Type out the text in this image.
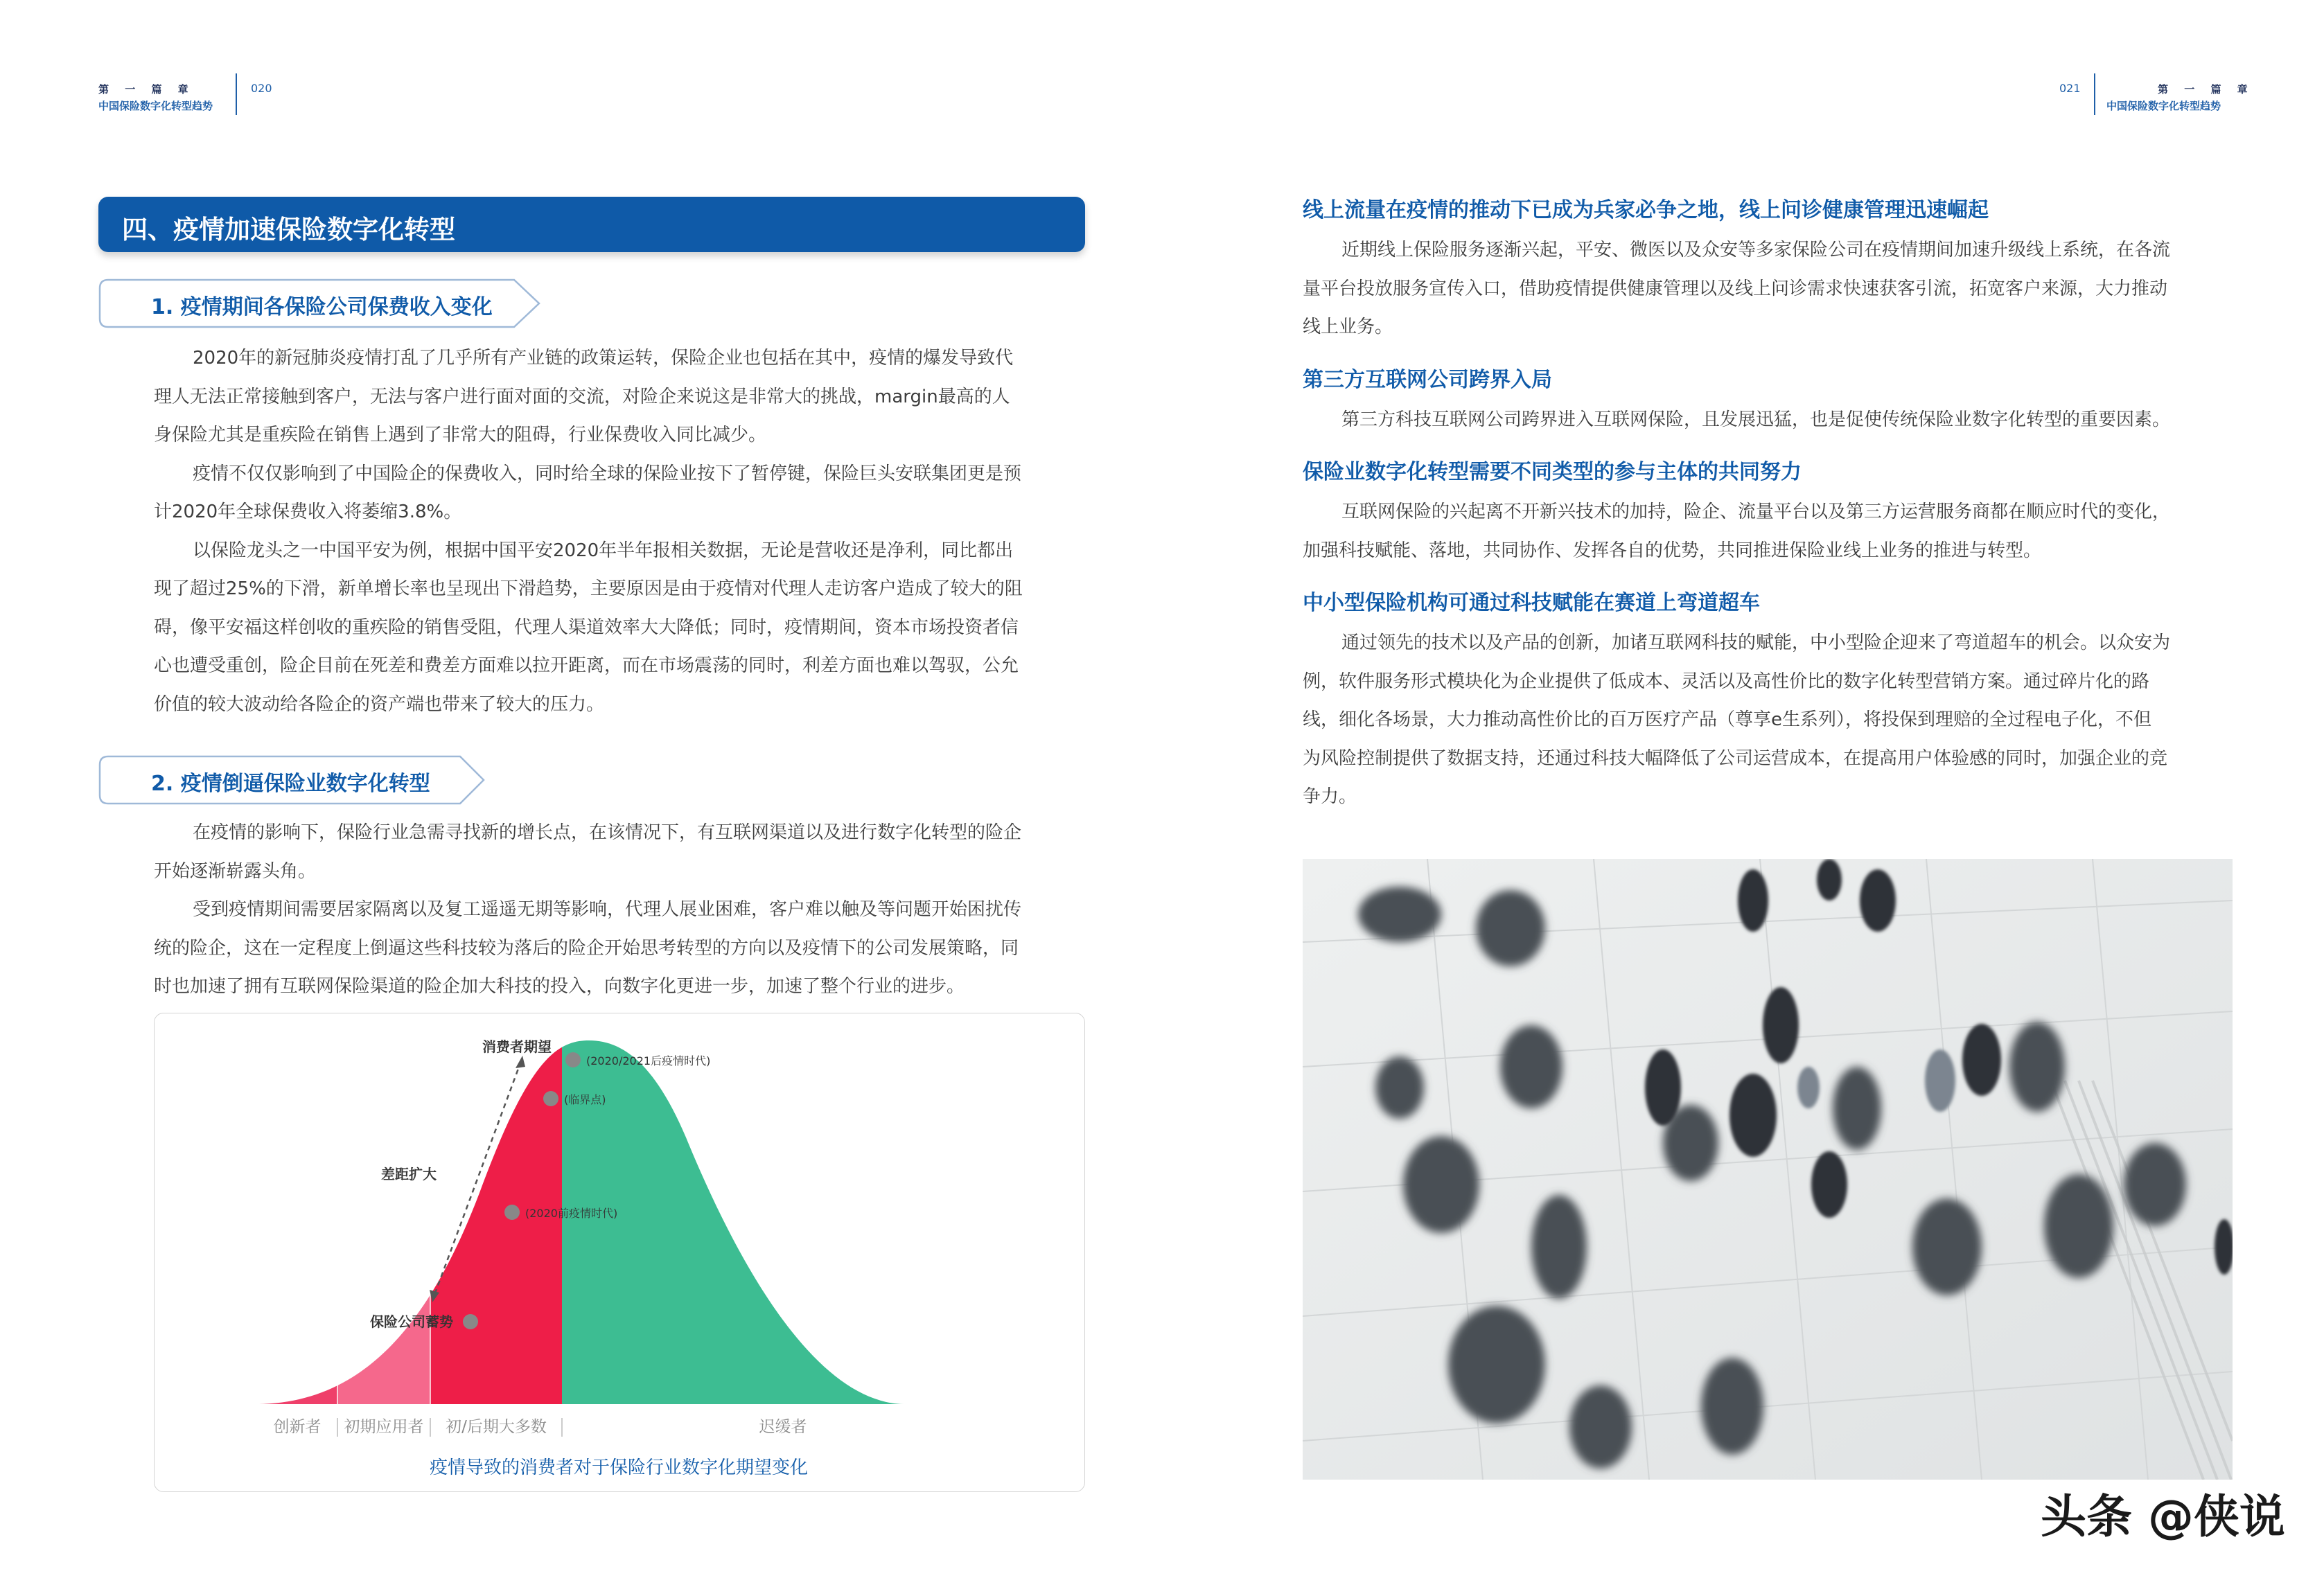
第 一 篇 章
中国保险数字化转型趋势
020	021	第 一 篇 章
中国保险数字化转型趋势
四、疫情加速保险数字化转型
1. 疫情期间各保险公司保费收入变化
2020年的新冠肺炎疫情打乱了几乎所有产业链的政策运转，保险企业也包括在其中，疫情的爆发导致代
理人无法正常接触到客户，无法与客户进行面对面的交流，对险企来说这是非常大的挑战，margin最高的人
身保险尤其是重疾险在销售上遇到了非常大的阻碍，行业保费收入同比减少。
疫情不仅仅影响到了中国险企的保费收入，同时给全球的保险业按下了暂停键，保险巨头安联集团更是预
计2020年全球保费收入将萎缩3.8%。
以保险龙头之一中国平安为例，根据中国平安2020年半年报相关数据，无论是营收还是净利，同比都出
现了超过25%的下滑，新单增长率也呈现出下滑趋势，主要原因是由于疫情对代理人走访客户造成了较大的阻
碍，像平安福这样创收的重疾险的销售受阻，代理人渠道效率大大降低；同时，疫情期间，资本市场投资者信
心也遭受重创，险企目前在死差和费差方面难以拉开距离，而在市场震荡的同时，利差方面也难以驾驭，公允
价值的较大波动给各险企的资产端也带来了较大的压力。
2. 疫情倒逼保险业数字化转型
在疫情的影响下，保险行业急需寻找新的增长点，在该情况下，有互联网渠道以及进行数字化转型的险企
开始逐渐崭露头角。
受到疫情期间需要居家隔离以及复工遥遥无期等影响，代理人展业困难，客户难以触及等问题开始困扰传
统的险企，这在一定程度上倒逼这些科技较为落后的险企开始思考转型的方向以及疫情下的公司发展策略，同
时也加速了拥有互联网保险渠道的险企加大科技的投入，向数字化更进一步，加速了整个行业的进步。
消费者期望
(2020/2021后疫情时代)
(临界点)
(2020前疫情时代)
差距扩大
保险公司蓄势
创新者 初期应用者 初/后期大多数	迟缓者
疫情导致的消费者对于保险行业数字化期望变化
线上流量在疫情的推动下已成为兵家必争之地，线上问诊健康管理迅速崛起
近期线上保险服务逐渐兴起，平安、微医以及众安等多家保险公司在疫情期间加速升级线上系统，在各流
量平台投放服务宣传入口，借助疫情提供健康管理以及线上问诊需求快速获客引流，拓宽客户来源，大力推动
线上业务。
第三方互联网公司跨界入局
第三方科技互联网公司跨界进入互联网保险，且发展迅猛，也是促使传统保险业数字化转型的重要因素。
保险业数字化转型需要不同类型的参与主体的共同努力
互联网保险的兴起离不开新兴技术的加持，险企、流量平台以及第三方运营服务商都在顺应时代的变化，
加强科技赋能、落地，共同协作、发挥各自的优势，共同推进保险业线上业务的推进与转型。
中小型保险机构可通过科技赋能在赛道上弯道超车
通过领先的技术以及产品的创新，加诸互联网科技的赋能，中小型险企迎来了弯道超车的机会。以众安为
例，软件服务形式模块化为企业提供了低成本、灵活以及高性价比的数字化转型营销方案。通过碎片化的路
线，细化各场景，大力推动高性价比的百万医疗产品（尊享e生系列），将投保到理赔的全过程电子化，不但
为风险控制提供了数据支持，还通过科技大幅降低了公司运营成本，在提高用户体验感的同时，加强企业的竞
争力。
头条 @侠说
